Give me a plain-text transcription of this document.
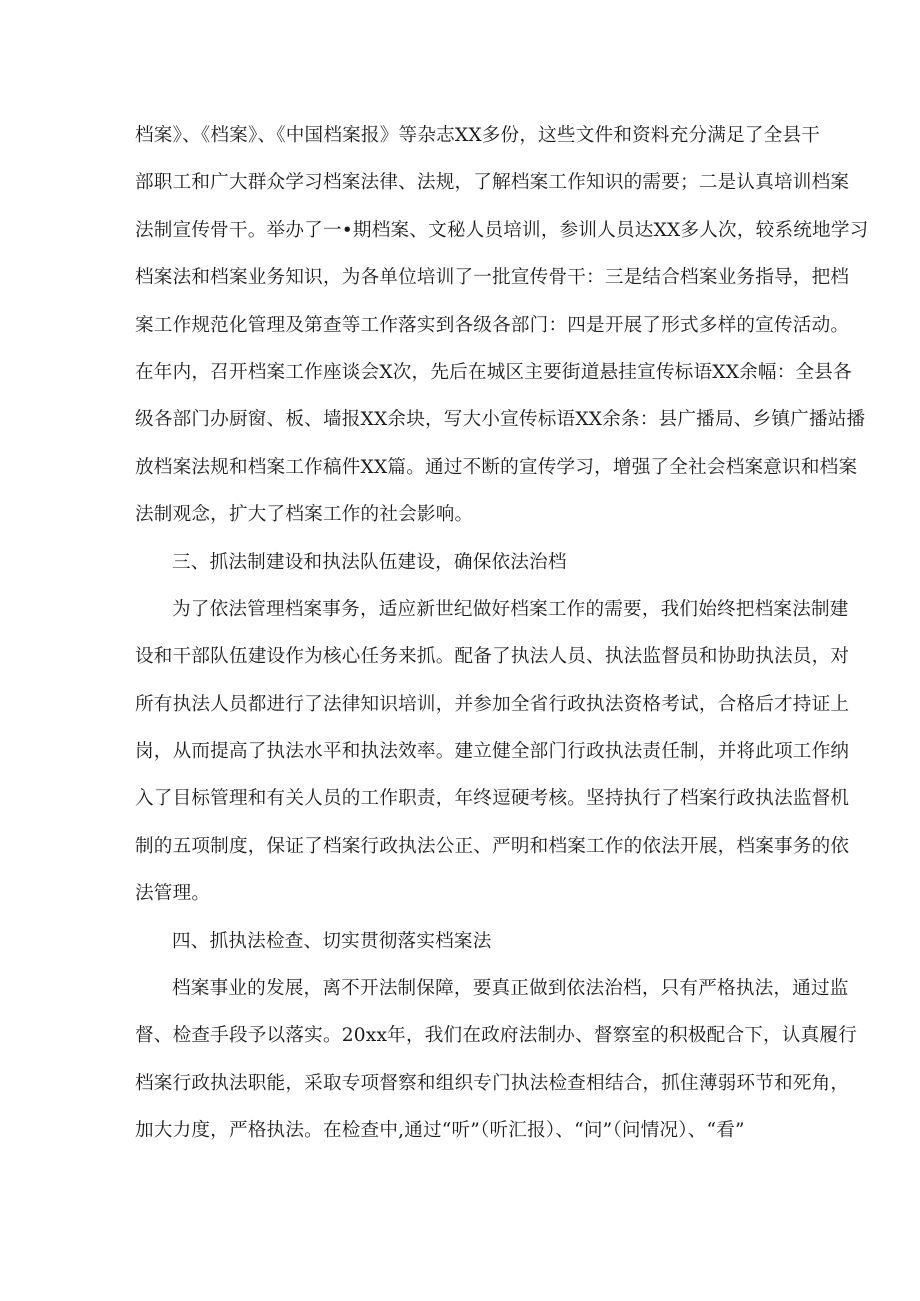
档案》、《档案》、《中国档案报》等杂志XX多份，这些文件和资料充分满足了全县干
部职工和广大群众学习档案法律、法规，了解档案工作知识的需要；二是认真培训档案
法制宣传骨干。举办了一•期档案、文秘人员培训，参训人员达XX多人次，较系统地学习
档案法和档案业务知识，为各单位培训了一批宣传骨干：三是结合档案业务指导，把档
案工作规范化管理及第查等工作落实到各级各部门：四是开展了形式多样的宣传活动。
在年内，召开档案工作座谈会X次，先后在城区主要街道悬挂宣传标语XX余幅：全县各
级各部门办厨窗、板、墙报XX余块，写大小宣传标语XX余条：县广播局、乡镇广播站播
放档案法规和档案工作稿件XX篇。通过不断的宣传学习，增强了全社会档案意识和档案
法制观念，扩大了档案工作的社会影响。
三、抓法制建设和执法队伍建设，确保依法治档
为了依法管理档案事务，适应新世纪做好档案工作的需要，我们始终把档案法制建
设和干部队伍建设作为核心任务来抓。配备了执法人员、执法监督员和协助执法员，对
所有执法人员都进行了法律知识培训，并参加全省行政执法资格考试，合格后才持证上
岗，从而提高了执法水平和执法效率。建立健全部门行政执法责任制，并将此项工作纳
入了目标管理和有关人员的工作职责，年终逗硬考核。坚持执行了档案行政执法监督机
制的五项制度，保证了档案行政执法公正、严明和档案工作的依法开展，档案事务的依
法管理。
四、抓执法检查、切实贯彻落实档案法
档案事业的发展，离不开法制保障，要真正做到依法治档，只有严格执法，通过监
督、检查手段予以落实。20xx年，我们在政府法制办、督察室的积极配合下，认真履行
档案行政执法职能，采取专项督察和组织专门执法检查相结合，抓住薄弱环节和死角，
加大力度，严格执法。在检查中,通过“听”（听汇报）、“问”（问情况）、“看”
